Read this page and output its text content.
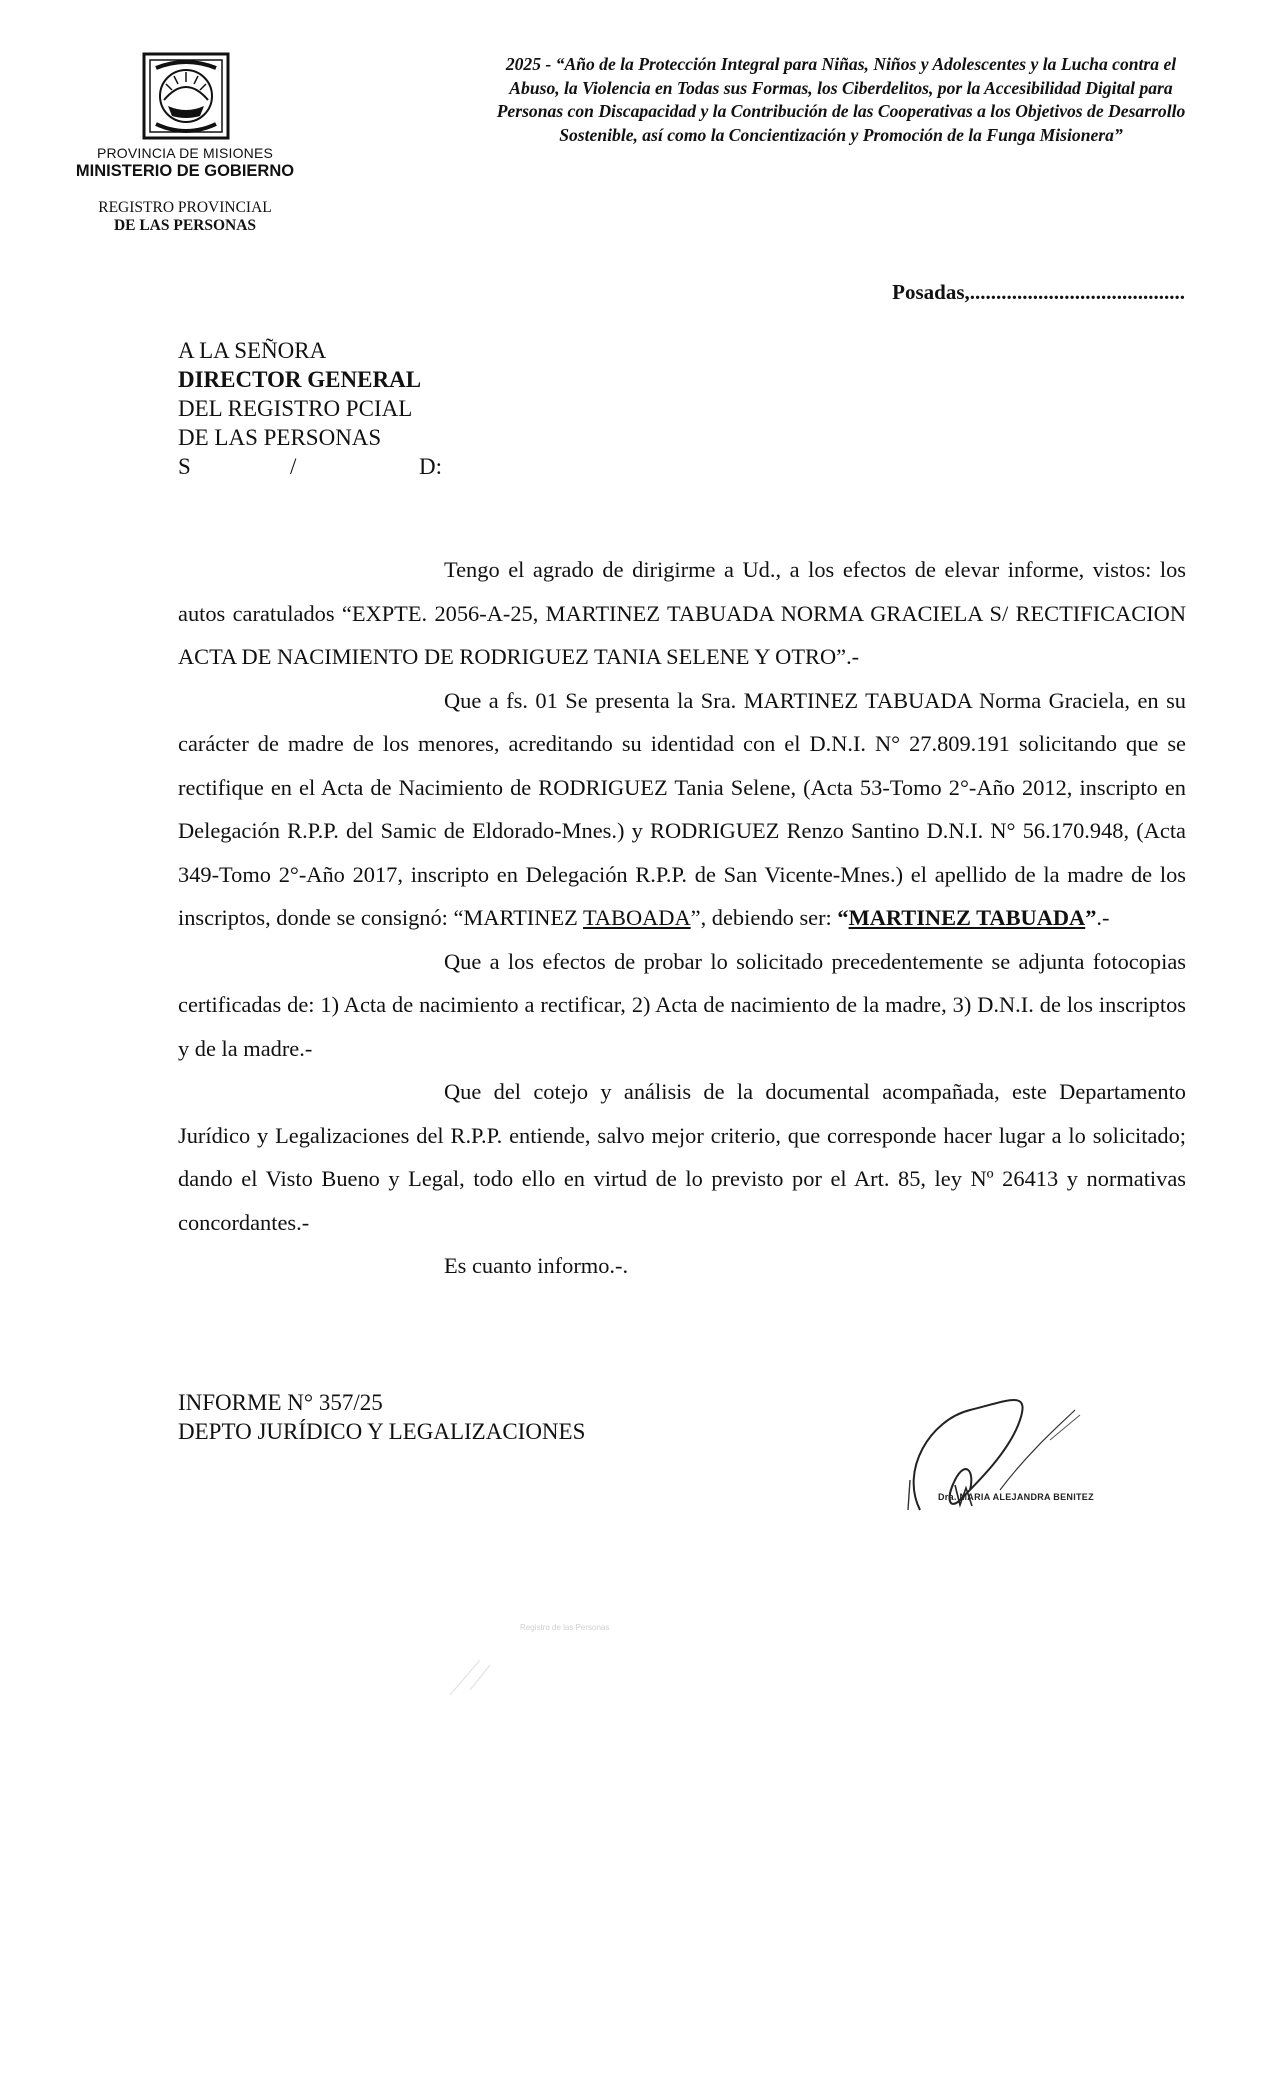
PROVINCIA DE MISIONES
MINISTERIO DE GOBIERNO
REGISTRO PROVINCIAL
DE LAS PERSONAS
2025 - “Año de la Protección Integral para Niñas, Niños y Adolescentes y la Lucha contra el Abuso, la Violencia en Todas sus Formas, los Ciberdelitos, por la Accesibilidad Digital para Personas con Discapacidad y la Contribución de las Cooperativas a los Objetivos de Desarrollo Sostenible, así como la Concientización y Promoción de la Funga Misionera”
Posadas,.........................................
A LA SEÑORA
DIRECTOR GENERAL
DEL REGISTRO PCIAL
DE LAS PERSONAS
S	/	D:

Tengo el agrado de dirigirme a Ud., a los efectos de elevar informe, vistos: los autos caratulados “EXPTE. 2056-A-25, MARTINEZ TABUADA NORMA GRACIELA S/ RECTIFICACION ACTA DE NACIMIENTO DE RODRIGUEZ TANIA SELENE Y OTRO”.-

Que a fs. 01 Se presenta la Sra. MARTINEZ TABUADA Norma Graciela, en su carácter de madre de los menores, acreditando su identidad con el D.N.I. N° 27.809.191 solicitando que se rectifique en el Acta de Nacimiento de RODRIGUEZ Tania Selene, (Acta 53-Tomo 2°-Año 2012, inscripto en Delegación R.P.P. del Samic de Eldorado-Mnes.) y RODRIGUEZ Renzo Santino D.N.I. N° 56.170.948, (Acta 349-Tomo 2°-Año 2017, inscripto en Delegación R.P.P. de San Vicente-Mnes.) el apellido de la madre de los inscriptos, donde se consignó: “MARTINEZ TABOADA”, debiendo ser: “MARTINEZ TABUADA”.-

Que a los efectos de probar lo solicitado precedentemente se adjunta fotocopias certificadas de: 1) Acta de nacimiento a rectificar, 2) Acta de nacimiento de la madre, 3) D.N.I. de los inscriptos y de la madre.-

Que del cotejo y análisis de la documental acompañada, este Departamento Jurídico y Legalizaciones del R.P.P. entiende, salvo mejor criterio, que corresponde hacer lugar a lo solicitado; dando el Visto Bueno y Legal, todo ello en virtud de lo previsto por el Art. 85, ley Nº 26413 y normativas concordantes.-

Es cuanto informo.-.

INFORME N° 357/25
DEPTO JURÍDICO Y LEGALIZACIONES
Dra. MARIA ALEJANDRA BENITEZ
Registro de las Personas
